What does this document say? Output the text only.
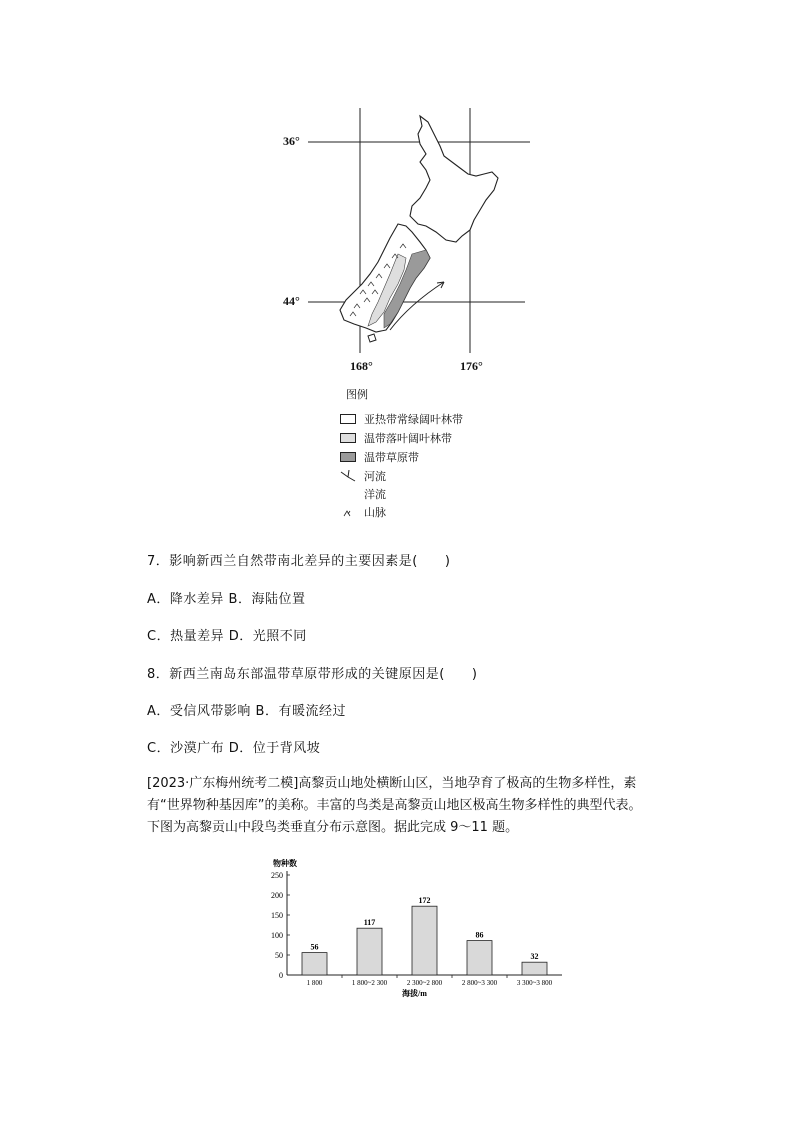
36°
44°
168°	176°
图例
亚热带常绿阔叶林带
温带落叶阔叶林带
温带草原带
河流
洋流
山脉
7．影响新西兰自然带南北差异的主要因素是(　　)
A．降水差异 B．海陆位置
C．热量差异 D．光照不同
8．新西兰南岛东部温带草原带形成的关键原因是(　　)
A．受信风带影响 B．有暖流经过
C．沙漠广布 D．位于背风坡
[2023·广东梅州统考二模]高黎贡山地处横断山区，当地孕育了极高的生物多样性，素有“世界物种基因库”的美称。丰富的鸟类是高黎贡山地区极高生物多样性的典型代表。下图为高黎贡山中段鸟类垂直分布示意图。据此完成 9～11 题。
物种数
0
50
100
150
200
250
56
1 800
117
1 800~2 300
172
2 300~2 800
86
2 800~3 300
32
3 300~3 800
海拔/m
